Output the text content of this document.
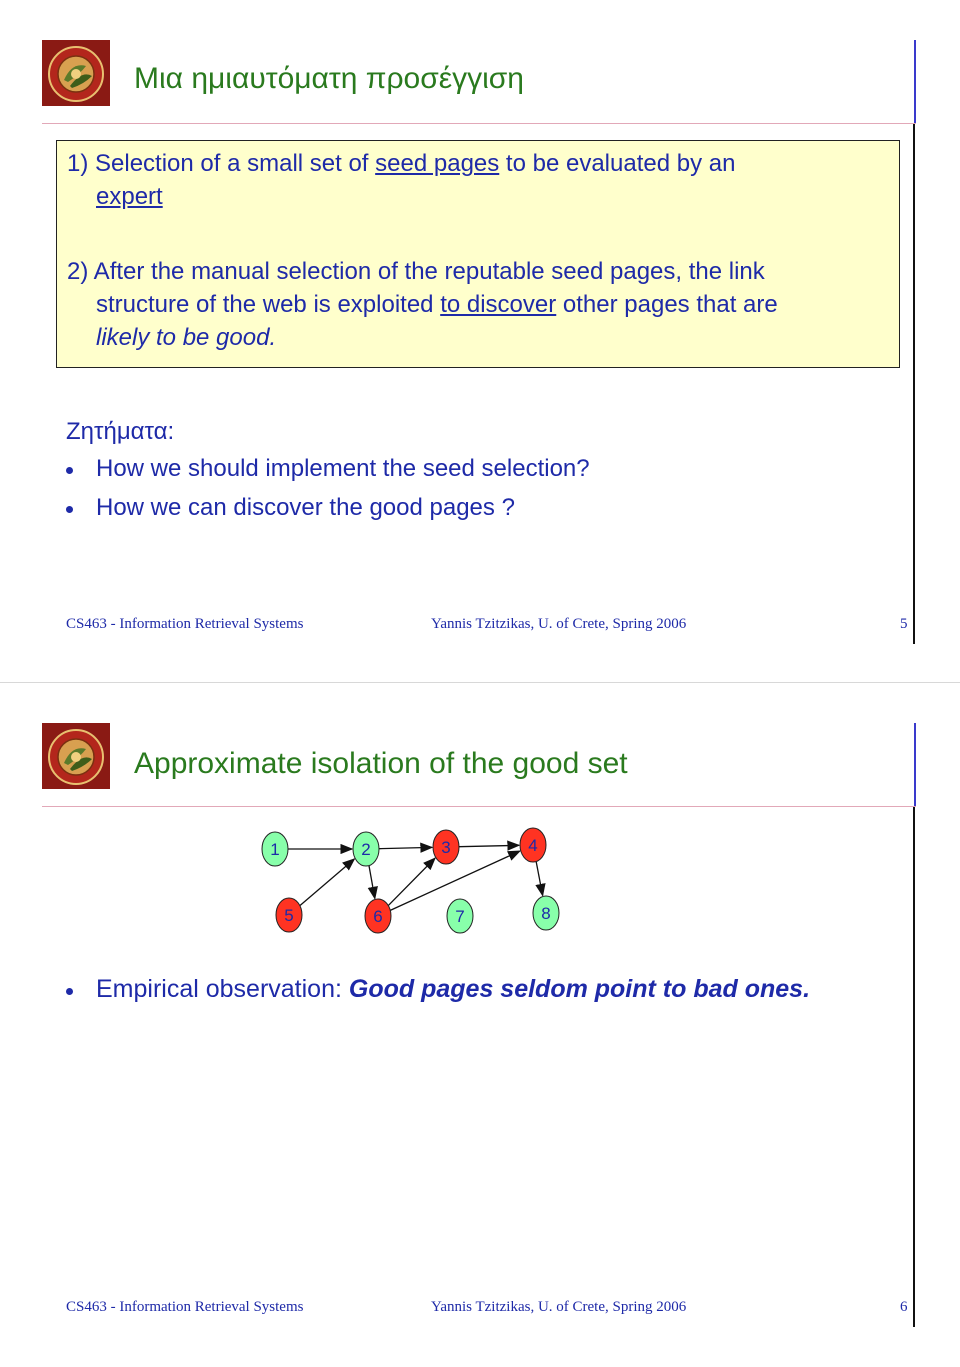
Μια ημιαυτόματη προσέγγιση
1) Selection of a small set of seed pages to be evaluated by an
expert
2) After the manual selection of the reputable seed pages, the link
structure of the web is exploited to discover other pages that are
likely to be good.
Ζητήματα:
How we should implement the seed selection?
How we can discover the good pages ?
CS463 - Information Retrieval Systems	Yannis Tzitzikas, U. of Crete, Spring 2006	5
Approximate isolation of the good set
1	2	3	4
5	6	7	8
Empirical observation: Good pages seldom point to bad ones.
CS463 - Information Retrieval Systems	Yannis Tzitzikas, U. of Crete, Spring 2006	6
